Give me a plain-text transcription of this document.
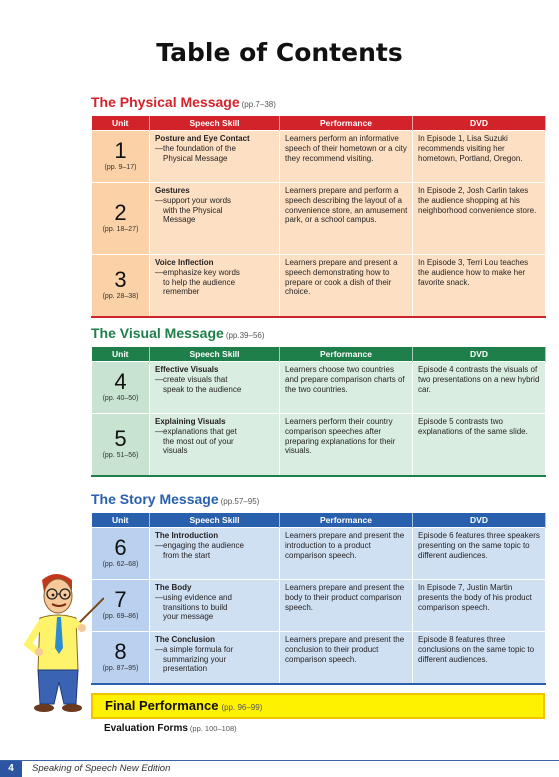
Table of Contents
The Physical Message (pp.7–38)
Unit	Speech Skill	Performance	DVD

1
(pp. 9–17)	Posture and Eye Contact
—the foundation of the
Physical Message	Learners perform an informative speech of their hometown or a city they recommend visiting.	In Episode 1, Lisa Suzuki recommends visiting her hometown, Portland, Oregon.

2
(pp. 18–27)	Gestures
—support your words
with the Physical
Message	Learners prepare and perform a speech describing the layout of a convenience store, an amusement park, or a school campus.	In Episode 2, Josh Carlin takes the audience shopping at his neighborhood convenience store.

3
(pp. 28–38)	Voice Inflection
—emphasize key words
to help the audience
remember	Learners prepare and present a speech demonstrating how to prepare or cook a dish of their choice.	In Episode 3, Terri Lou teaches the audience how to make her favorite snack.
The Visual Message (pp.39–56)
Unit	Speech Skill	Performance	DVD

4
(pp. 40–50)	Effective Visuals
—create visuals that
speak to the audience	Learners choose two countries and prepare comparison charts of the two countries.	Episode 4 contrasts the visuals of two presentations on a new hybrid car.

5
(pp. 51–56)	Explaining Visuals
—explanations that get
the most out of your
visuals	Learners perform their country comparison speeches after preparing explanations for their visuals.	Episode 5 contrasts two explanations of the same slide.
The Story Message (pp.57–95)
Unit	Speech Skill	Performance	DVD

6
(pp. 62–68)	The Introduction
—engaging the audience
from the start	Learners prepare and present the introduction to a product comparison speech.	Episode 6 features three speakers presenting on the same topic to different audiences.

7
(pp. 69–86)	The Body
—using evidence and
transitions to build
your message	Learners prepare and present the body to their product comparison speech.	In Episode 7, Justin Martin presents the body of his product comparison speech.

8
(pp. 87–95)	The Conclusion
—a simple formula for
summarizing your
presentation	Learners prepare and present the conclusion to their product comparison speech.	Episode 8 features three conclusions on the same topic to different audiences.
Final Performance (pp. 96–99)
Evaluation Forms (pp. 100–108)
4	Speaking of Speech New Edition
